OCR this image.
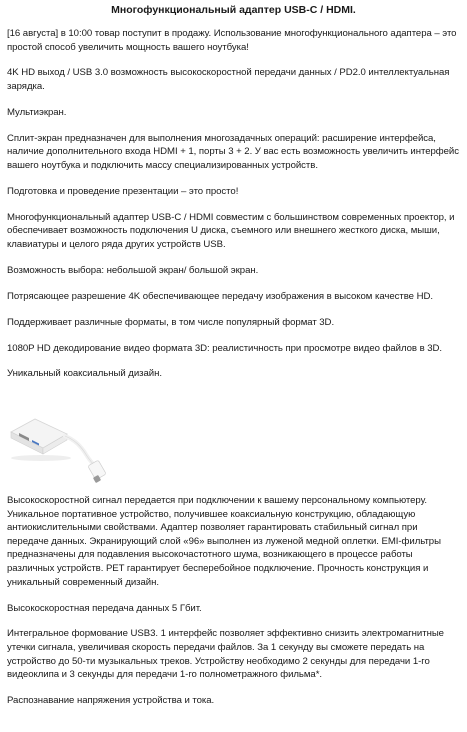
Многофункциональный адаптер USB-C / HDMI.
[16 августа] в 10:00 товар поступит в продажу. Использование многофункционального адаптера – это простой способ увеличить мощность вашего ноутбука!
4K HD выход / USB 3.0 возможность высокоскоростной передачи данных / PD2.0 интеллектуальная зарядка.
Мультиэкран.
Сплит-экран предназначен для выполнения многозадачных операций: расширение интерфейса, наличие дополнительного входа HDMI + 1, порты 3 + 2. У вас есть возможность увеличить интерфейс вашего ноутбука и подключить массу специализированных устройств.
Подготовка и проведение презентации – это просто!
Многофункциональный адаптер USB-C / HDMI совместим с большинством современных проектор, и обеспечивает возможность подключения U диска, съемного или внешнего жесткого диска, мыши, клавиатуры и целого ряда других устройств USB.
Возможность выбора: небольшой экран/ большой экран.
Потрясающее разрешение 4K обеспечивающее передачу изображения в высоком качестве HD.
Поддерживает различные форматы, в том числе популярный формат 3D.
1080P HD декодирование видео формата 3D: реалистичность при просмотре видео файлов в 3D.
Уникальный коаксиальный дизайн.
Высокоскоростной сигнал передается при подключении к вашему персональному компьютеру. Уникальное портативное устройство, получившее коаксиальную конструкцию, обладающую антиокислительными свойствами. Адаптер позволяет гарантировать стабильный сигнал при передаче данных. Экранирующий слой «96» выполнен из луженой медной оплетки. EMI-фильтры предназначены для подавления высокочастотного шума, возникающего в процессе работы различных устройств. PET гарантирует бесперебойное подключение. Прочность конструкция и уникальный современный дизайн.
Высокоскоростная передача данных 5 Гбит.
Интегральное формование USB3. 1 интерфейс позволяет эффективно снизить электромагнитные утечки сигнала, увеличивая скорость передачи файлов. За 1 секунду вы сможете передать на устройство до 50-ти музыкальных треков. Устройству необходимо 2 секунды для передачи 1-го видеоклипа и 3 секунды для передачи 1-го полнометражного фильма*.
Распознавание напряжения устройства и тока.
